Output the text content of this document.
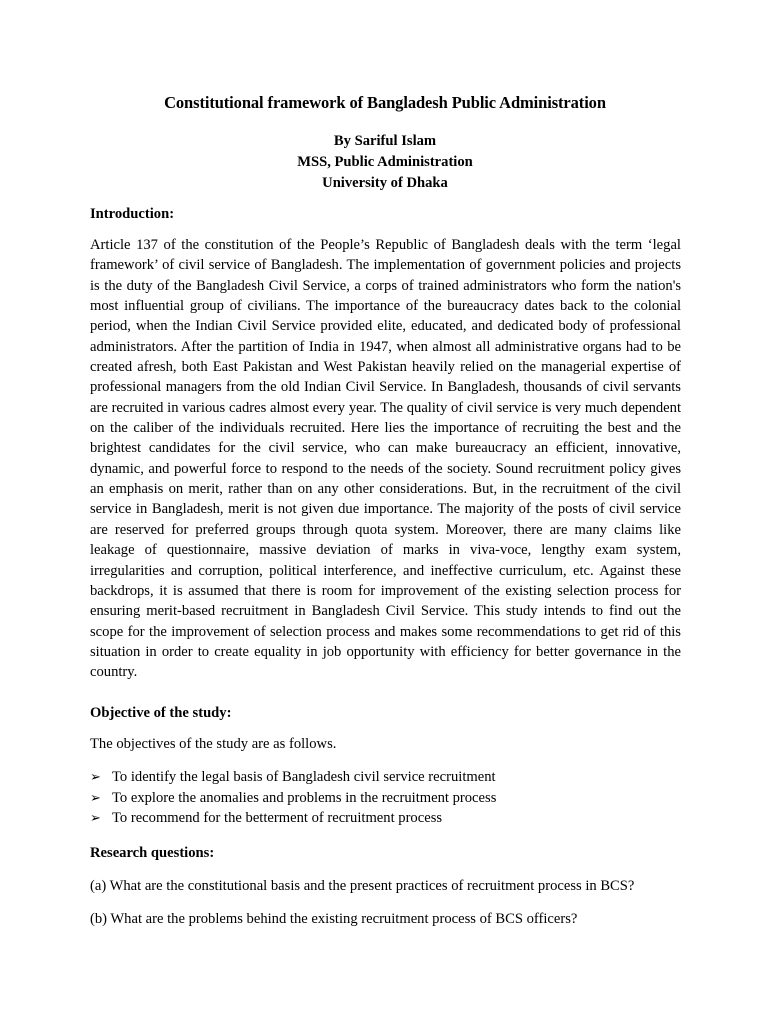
Constitutional framework of Bangladesh Public Administration
By Sariful Islam
MSS, Public Administration
University of Dhaka
Introduction:
Article 137 of the constitution of the People’s Republic of Bangladesh deals with the term ‘legal framework’ of civil service of Bangladesh. The implementation of government policies and projects is the duty of the Bangladesh Civil Service, a corps of trained administrators who form the nation's most influential group of civilians. The importance of the bureaucracy dates back to the colonial period, when the Indian Civil Service provided elite, educated, and dedicated body of professional administrators. After the partition of India in 1947, when almost all administrative organs had to be created afresh, both East Pakistan and West Pakistan heavily relied on the managerial expertise of professional managers from the old Indian Civil Service. In Bangladesh, thousands of civil servants are recruited in various cadres almost every year. The quality of civil service is very much dependent on the caliber of the individuals recruited. Here lies the importance of recruiting the best and the brightest candidates for the civil service, who can make bureaucracy an efficient, innovative, dynamic, and powerful force to respond to the needs of the society. Sound recruitment policy gives an emphasis on merit, rather than on any other considerations. But, in the recruitment of the civil service in Bangladesh, merit is not given due importance. The majority of the posts of civil service are reserved for preferred groups through quota system. Moreover, there are many claims like leakage of questionnaire, massive deviation of marks in viva-voce, lengthy exam system, irregularities and corruption, political interference, and ineffective curriculum, etc. Against these backdrops, it is assumed that there is room for improvement of the existing selection process for ensuring merit-based recruitment in Bangladesh Civil Service. This study intends to find out the scope for the improvement of selection process and makes some recommendations to get rid of this situation in order to create equality in job opportunity with efficiency for better governance in the country.
Objective of the study:
The objectives of the study are as follows.
➢ To identify the legal basis of Bangladesh civil service recruitment
➢ To explore the anomalies and problems in the recruitment process
➢ To recommend for the betterment of recruitment process
Research questions:
(a) What are the constitutional basis and the present practices of recruitment process in BCS?
(b) What are the problems behind the existing recruitment process of BCS officers?
